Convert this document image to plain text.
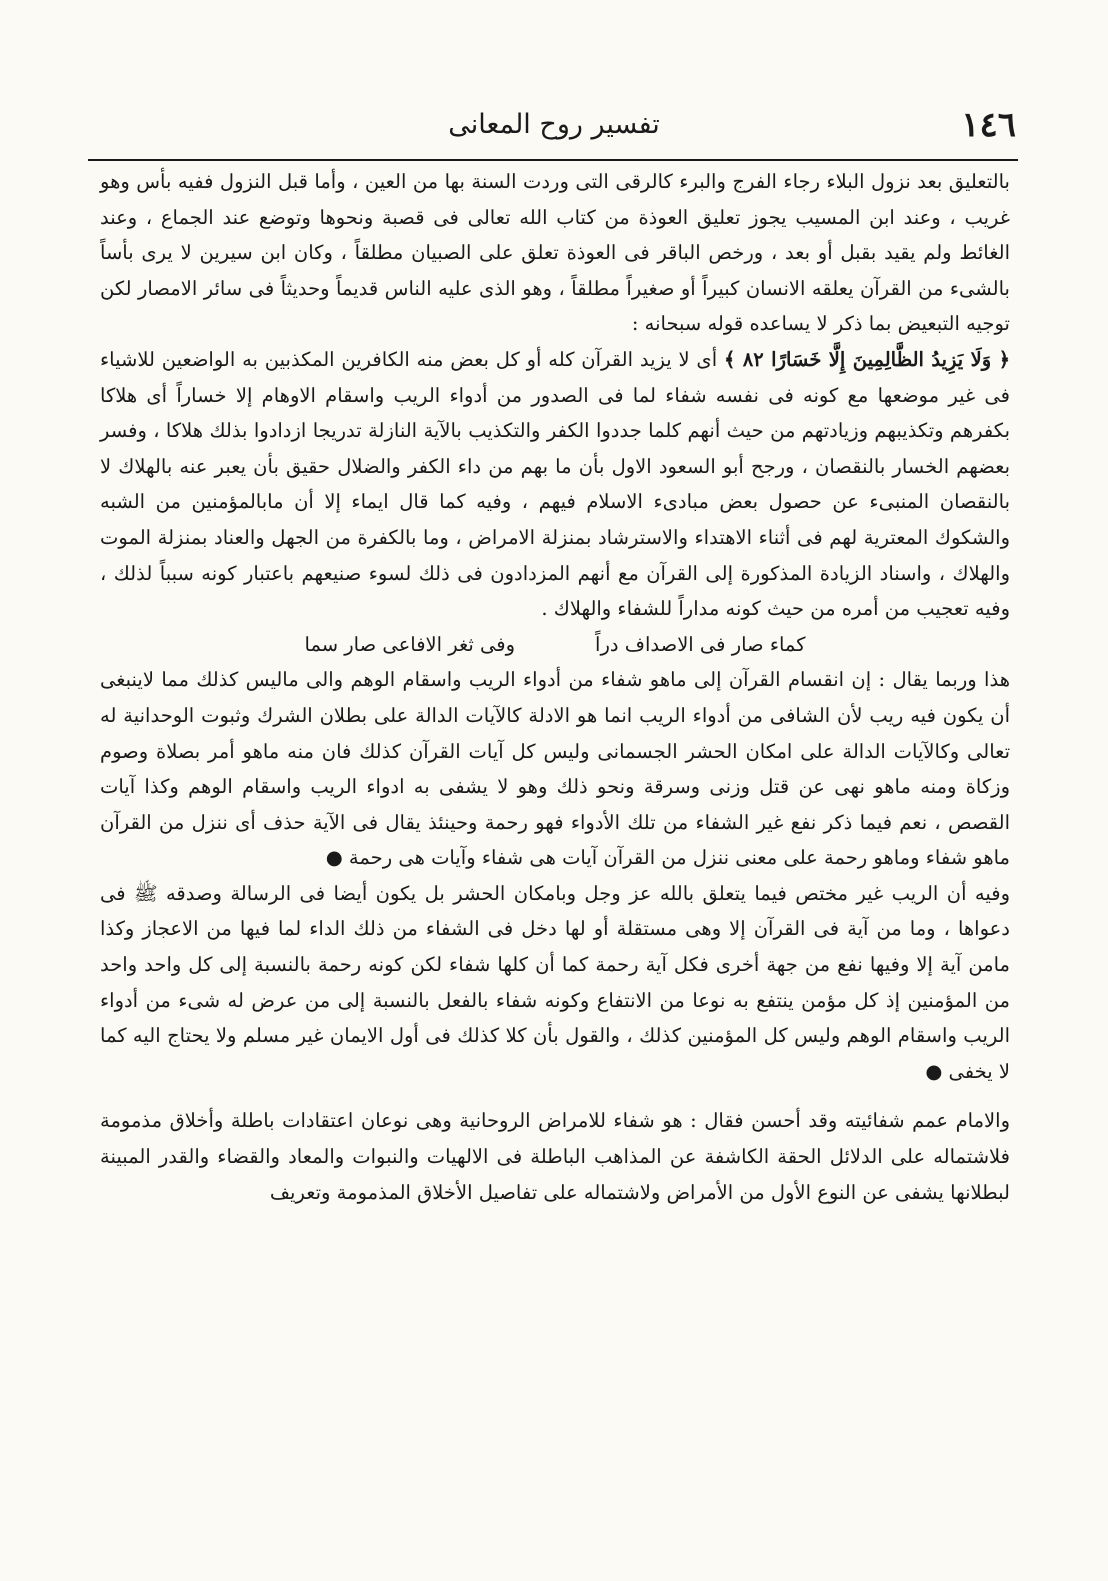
١٤٦
تفسير روح المعانى

بالتعليق بعد نزول البلاء رجاء الفرج والبرء كالرقى التى وردت السنة بها من العين ، وأما قبل النزول ففيه بأس وهو غريب ، وعند ابن المسيب يجوز تعليق العوذة من كتاب الله تعالى فى قصبة ونحوها وتوضع عند الجماع ، وعند الغائط ولم يقيد بقبل أو بعد ، ورخص الباقر فى العوذة تعلق على الصبيان مطلقاً ، وكان ابن سيرين لا يرى بأساً بالشىء من القرآن يعلقه الانسان كبيراً أو صغيراً مطلقاً ، وهو الذى عليه الناس قديماً وحديثاً فى سائر الامصار لكن توجيه التبعيض بما ذكر لا يساعده قوله سبحانه :

﴿ وَلَا يَزِيدُ الظَّالِمِينَ إِلَّا خَسَارًا ٨٢ ﴾ أى لا يزيد القرآن كله أو كل بعض منه الكافرين المكذبين به الواضعين للاشياء فى غير موضعها مع كونه فى نفسه شفاء لما فى الصدور من أدواء الريب واسقام الاوهام إلا خساراً أى هلاكا بكفرهم وتكذيبهم وزيادتهم من حيث أنهم كلما جددوا الكفر والتكذيب بالآية النازلة تدريجا ازدادوا بذلك هلاكا ، وفسر بعضهم الخسار بالنقصان ، ورجح أبو السعود الاول بأن ما بهم من داء الكفر والضلال حقيق بأن يعبر عنه بالهلاك لا بالنقصان المنبىء عن حصول بعض مبادىء الاسلام فيهم ، وفيه كما قال ايماء إلا أن مابالمؤمنين من الشبه والشكوك المعترية لهم فى أثناء الاهتداء والاسترشاد بمنزلة الامراض ، وما بالكفرة من الجهل والعناد بمنزلة الموت والهلاك ، واسناد الزيادة المذكورة إلى القرآن مع أنهم المزدادون فى ذلك لسوء صنيعهم باعتبار كونه سبباً لذلك ، وفيه تعجيب من أمره من حيث كونه مداراً للشفاء والهلاك .

كماء صار فى الاصداف دراًوفى ثغر الافاعى صار سما

هذا وربما يقال : إن انقسام القرآن إلى ماهو شفاء من أدواء الريب واسقام الوهم والى ماليس كذلك مما لاينبغى أن يكون فيه ريب لأن الشافى من أدواء الريب انما هو الادلة كالآيات الدالة على بطلان الشرك وثبوت الوحدانية له تعالى وكالآيات الدالة على امكان الحشر الجسمانى وليس كل آيات القرآن كذلك فان منه ماهو أمر بصلاة وصوم وزكاة ومنه ماهو نهى عن قتل وزنى وسرقة ونحو ذلك وهو لا يشفى به ادواء الريب واسقام الوهم وكذا آيات القصص ، نعم فيما ذكر نفع غير الشفاء من تلك الأدواء فهو رحمة وحينئذ يقال فى الآية حذف أى ننزل من القرآن ماهو شفاء وماهو رحمة على معنى ننزل من القرآن آيات هى شفاء وآيات هى رحمة ●

وفيه أن الريب غير مختص فيما يتعلق بالله عز وجل وبامكان الحشر بل يكون أيضا فى الرسالة وصدقه ﷺ فى دعواها ، وما من آية فى القرآن إلا وهى مستقلة أو لها دخل فى الشفاء من ذلك الداء لما فيها من الاعجاز وكذا مامن آية إلا وفيها نفع من جهة أخرى فكل آية رحمة كما أن كلها شفاء لكن كونه رحمة بالنسبة إلى كل واحد واحد من المؤمنين إذ كل مؤمن ينتفع به نوعا من الانتفاع وكونه شفاء بالفعل بالنسبة إلى من عرض له شىء من أدواء الريب واسقام الوهم وليس كل المؤمنين كذلك ، والقول بأن كلا كذلك فى أول الايمان غير مسلم ولا يحتاج اليه كما لا يخفى ●

والامام عمم شفائيته وقد أحسن فقال : هو شفاء للامراض الروحانية وهى نوعان اعتقادات باطلة وأخلاق مذمومة فلاشتماله على الدلائل الحقة الكاشفة عن المذاهب الباطلة فى الالهيات والنبوات والمعاد والقضاء والقدر المبينة لبطلانها يشفى عن النوع الأول من الأمراض ولاشتماله على تفاصيل الأخلاق المذمومة وتعريف
